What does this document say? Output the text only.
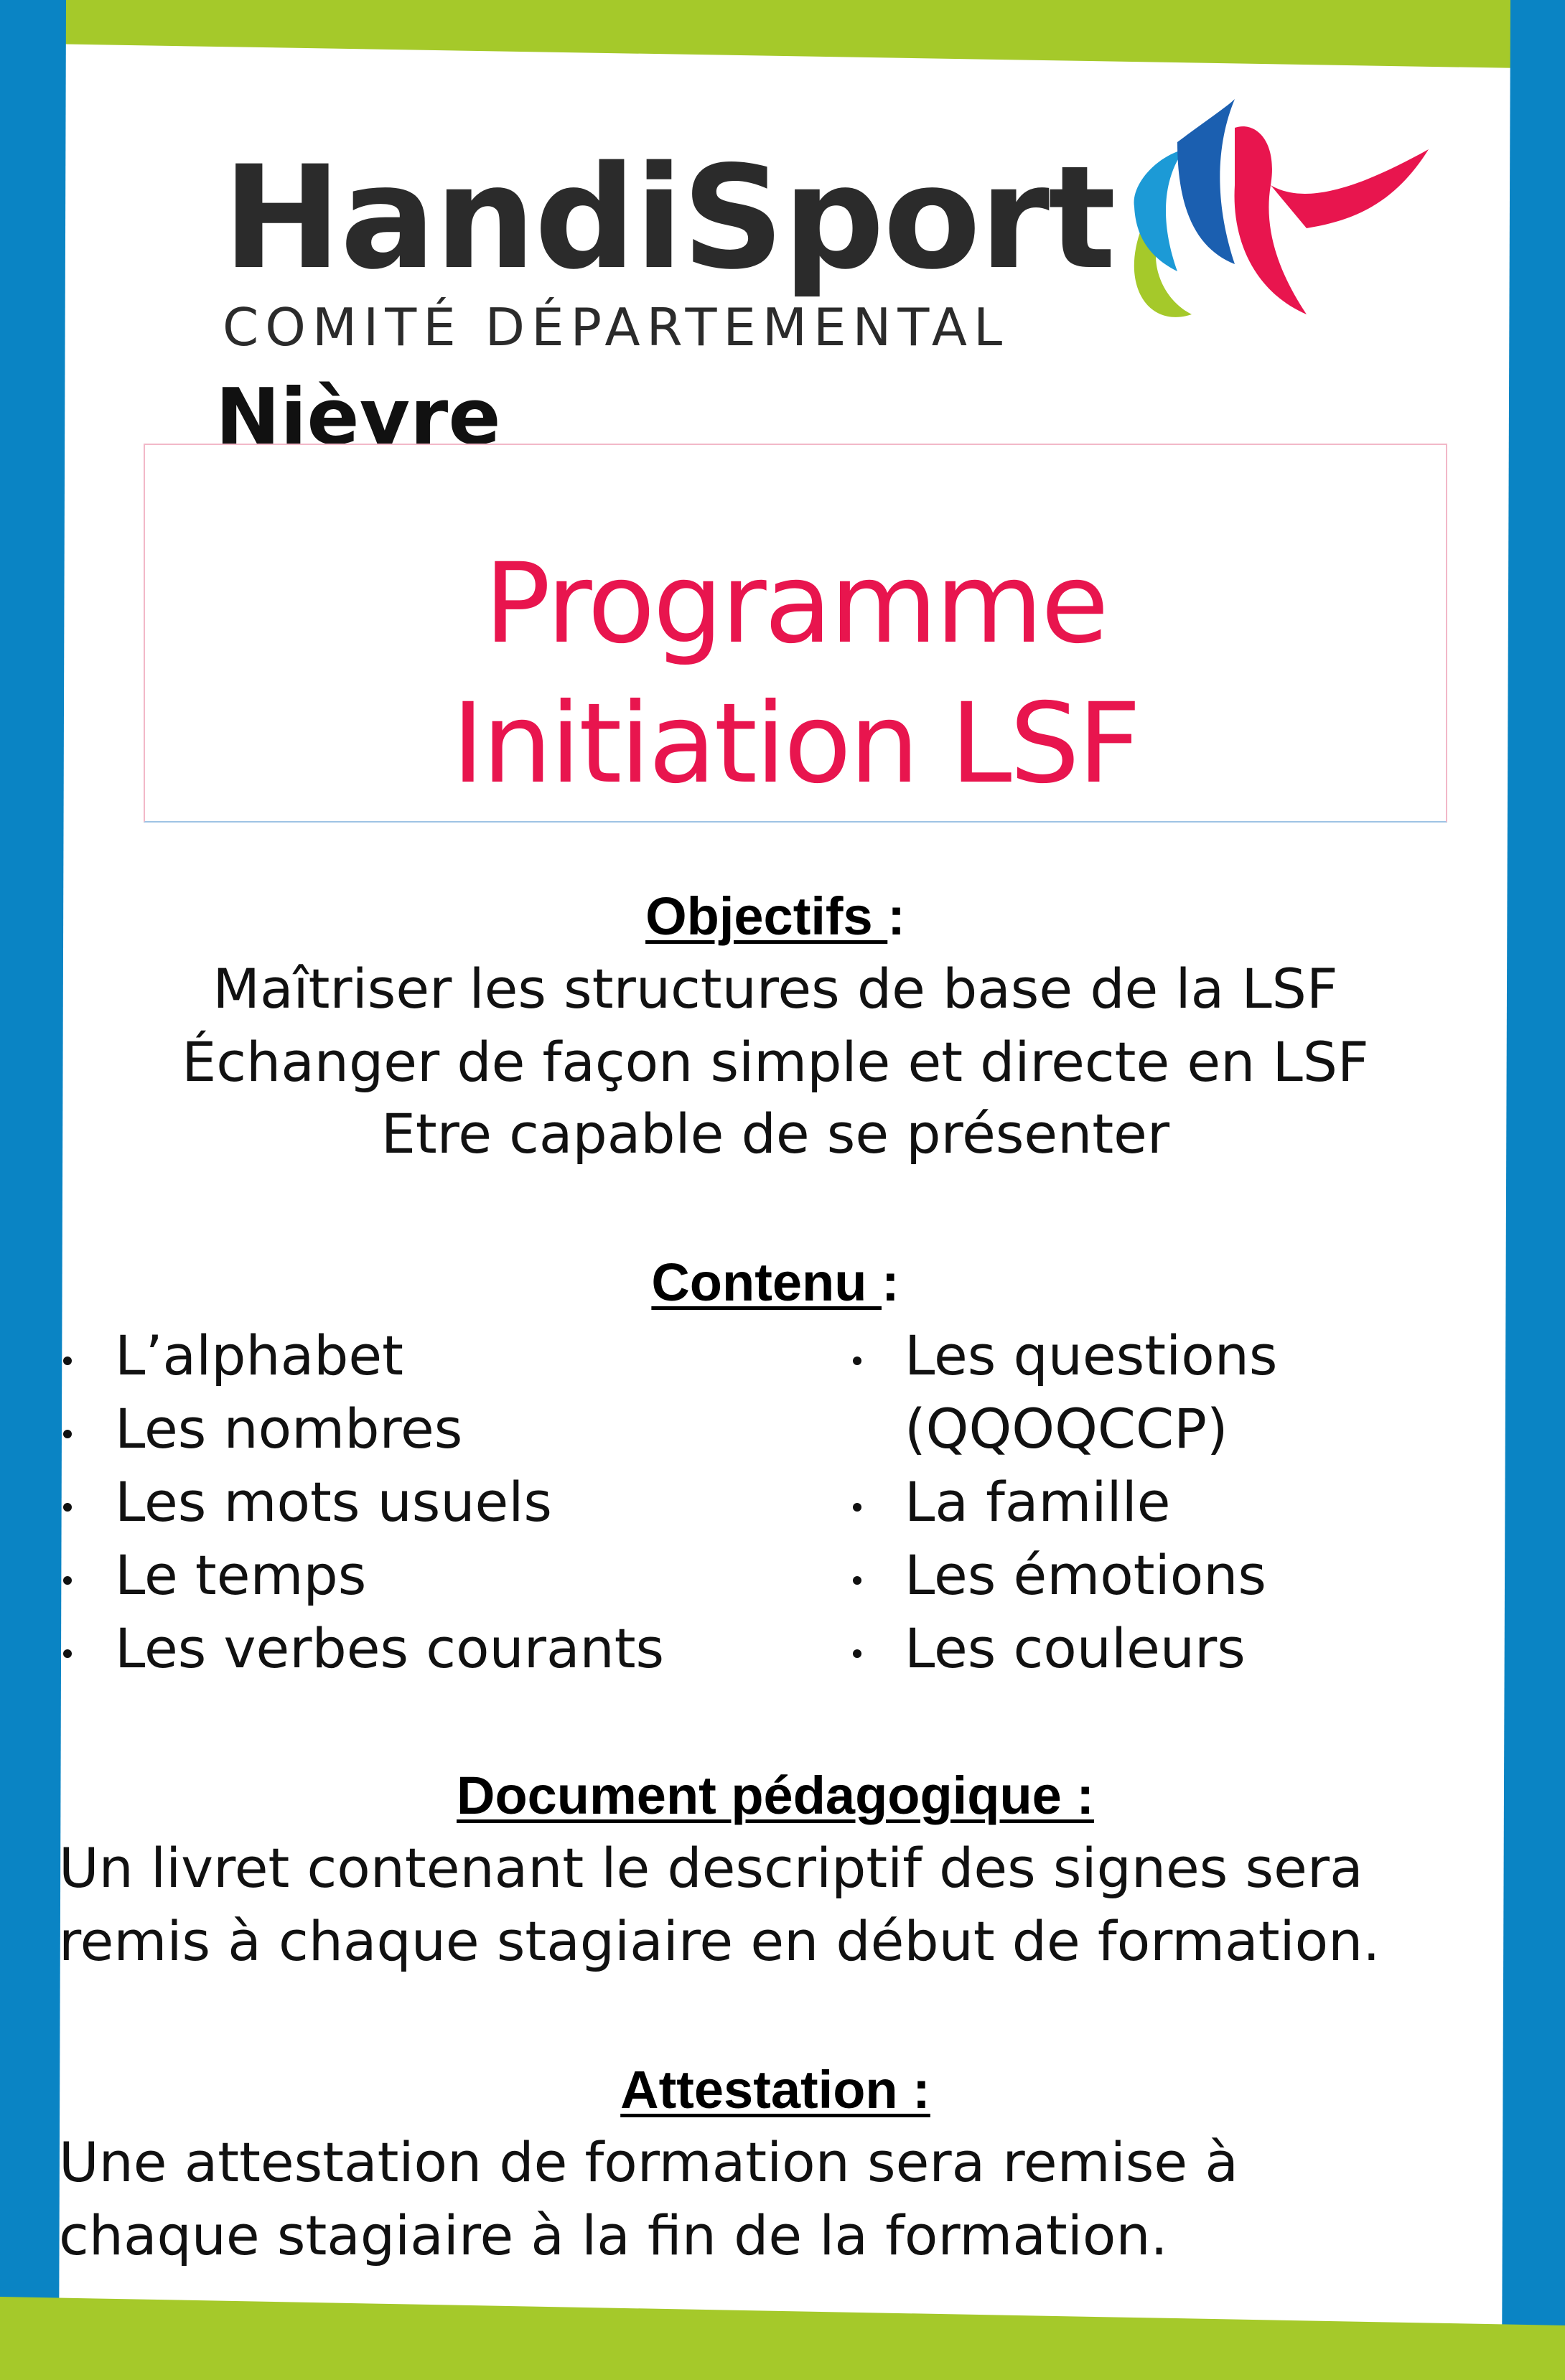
HandiSport
COMITÉ DÉPARTEMENTAL
Nièvre
Programme
Initiation LSF
Objectifs :
Maîtriser les structures de base de la LSF
Échanger de façon simple et directe en LSF
Etre capable de se présenter
Contenu :
L’alphabet
Les nombres
Les mots usuels
Le temps
Les verbes courants
Les questions
(QQOQCCP)
La famille
Les émotions
Les couleurs
Document pédagogique :
Un livret contenant le descriptif des signes sera
remis à chaque stagiaire en début de formation.
Attestation :
Une attestation de formation sera remise à
chaque stagiaire à la fin de la formation.
